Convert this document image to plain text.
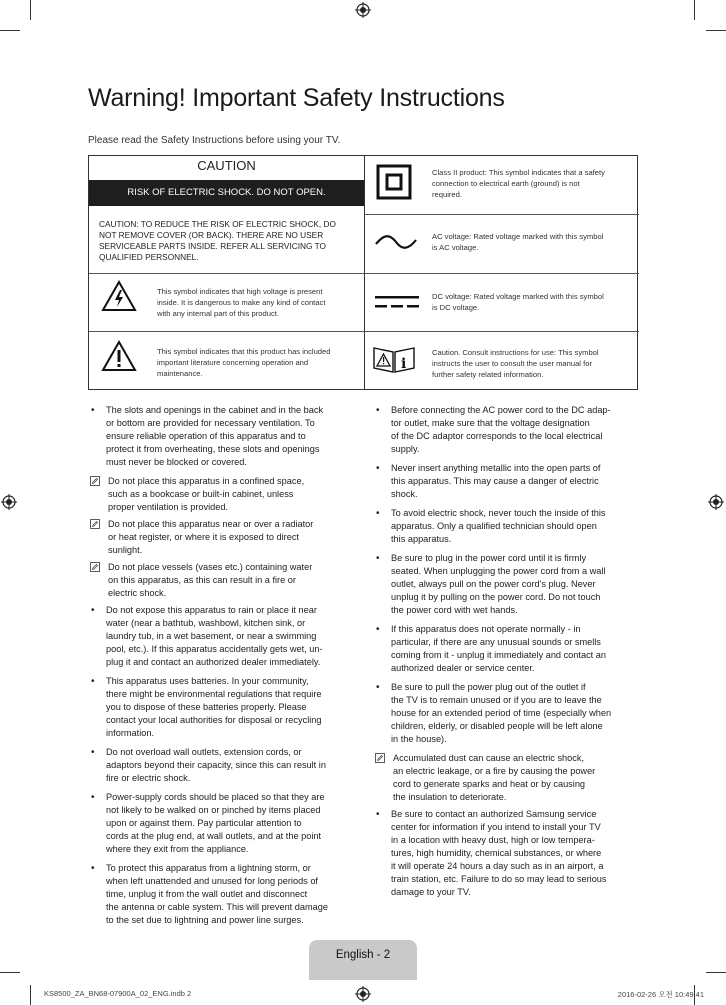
Warning! Important Safety Instructions
Please read the Safety Instructions before using your TV.
CAUTION
RISK OF ELECTRIC SHOCK. DO NOT OPEN.
CAUTION: TO REDUCE THE RISK OF ELECTRIC SHOCK, DO
NOT REMOVE COVER (OR BACK). THERE ARE NO USER
SERVICEABLE PARTS INSIDE. REFER ALL SERVICING TO
QUALIFIED PERSONNEL.
This symbol indicates that high voltage is present
inside. It is dangerous to make any kind of contact
with any internal part of this product.
This symbol indicates that this product has included
important literature concerning operation and
maintenance.
Class II product: This symbol indicates that a safety
connection to electrical earth (ground) is not
required.
AC voltage: Rated voltage marked with this symbol
is AC voltage.
DC voltage: Rated voltage marked with this symbol
is DC voltage.
i
Caution. Consult instructions for use: This symbol
instructs the user to consult the user manual for
further safety related information.
• The slots and openings in the cabinet and in the back
or bottom are provided for necessary ventilation. To
ensure reliable operation of this apparatus and to
protect it from overheating, these slots and openings
must never be blocked or covered.
Do not place this apparatus in a confined space,
such as a bookcase or built-in cabinet, unless
proper ventilation is provided.
Do not place this apparatus near or over a radiator
or heat register, or where it is exposed to direct
sunlight.
Do not place vessels (vases etc.) containing water
on this apparatus, as this can result in a fire or
electric shock.
• Do not expose this apparatus to rain or place it near
water (near a bathtub, washbowl, kitchen sink, or
laundry tub, in a wet basement, or near a swimming
pool, etc.). If this apparatus accidentally gets wet, un-
plug it and contact an authorized dealer immediately.
• This apparatus uses batteries. In your community,
there might be environmental regulations that require
you to dispose of these batteries properly. Please
contact your local authorities for disposal or recycling
information.
• Do not overload wall outlets, extension cords, or
adaptors beyond their capacity, since this can result in
fire or electric shock.
• Power-supply cords should be placed so that they are
not likely to be walked on or pinched by items placed
upon or against them. Pay particular attention to
cords at the plug end, at wall outlets, and at the point
where they exit from the appliance.
• To protect this apparatus from a lightning storm, or
when left unattended and unused for long periods of
time, unplug it from the wall outlet and disconnect
the antenna or cable system. This will prevent damage
to the set due to lightning and power line surges.
• Before connecting the AC power cord to the DC adap-
tor outlet, make sure that the voltage designation
of the DC adaptor corresponds to the local electrical
supply.
• Never insert anything metallic into the open parts of
this apparatus. This may cause a danger of electric
shock.
• To avoid electric shock, never touch the inside of this
apparatus. Only a qualified technician should open
this apparatus.
• Be sure to plug in the power cord until it is firmly
seated. When unplugging the power cord from a wall
outlet, always pull on the power cord's plug. Never
unplug it by pulling on the power cord. Do not touch
the power cord with wet hands.
• If this apparatus does not operate normally - in
particular, if there are any unusual sounds or smells
coming from it - unplug it immediately and contact an
authorized dealer or service center.
• Be sure to pull the power plug out of the outlet if
the TV is to remain unused or if you are to leave the
house for an extended period of time (especially when
children, elderly, or disabled people will be left alone
in the house).
Accumulated dust can cause an electric shock,
an electric leakage, or a fire by causing the power
cord to generate sparks and heat or by causing
the insulation to deteriorate.
• Be sure to contact an authorized Samsung service
center for information if you intend to install your TV
in a location with heavy dust, high or low tempera-
tures, high humidity, chemical substances, or where
it will operate 24 hours a day such as in an airport, a
train station, etc. Failure to do so may lead to serious
damage to your TV.
English - 2
KS8500_ZA_BN68-07900A_02_ENG.indb 2	2016-02-26 오전 10:49:41
